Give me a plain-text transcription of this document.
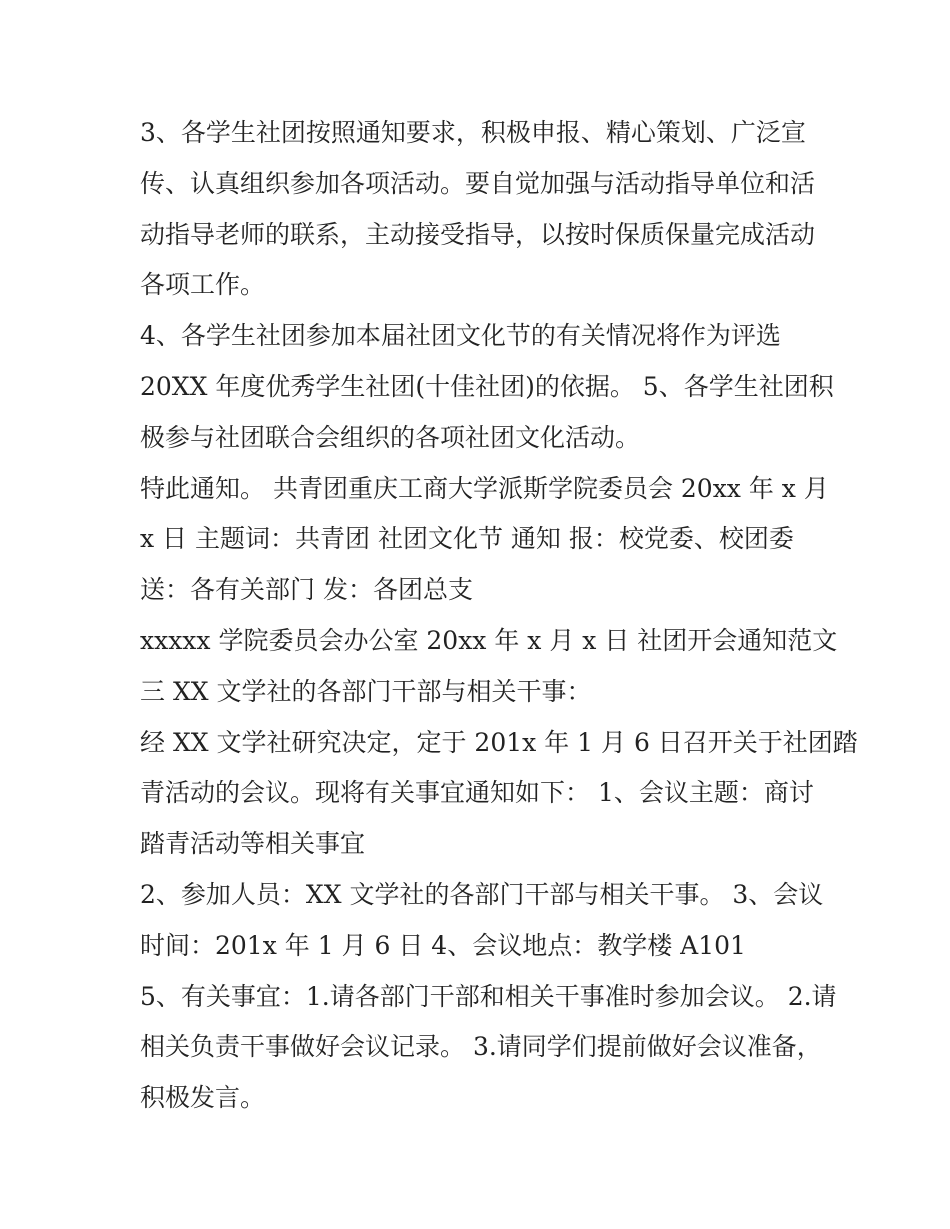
3、各学生社团按照通知要求，积极申报、精心策划、广泛宣
传、认真组织参加各项活动。要自觉加强与活动指导单位和活
动指导老师的联系，主动接受指导，以按时保质保量完成活动
各项工作。
4、各学生社团参加本届社团文化节的有关情况将作为评选
20XX 年度优秀学生社团(十佳社团)的依据。 5、各学生社团积
极参与社团联合会组织的各项社团文化活动。
特此通知。 共青团重庆工商大学派斯学院委员会 20xx 年 x 月
x 日 主题词：共青团 社团文化节 通知 报：校党委、校团委
送：各有关部门 发：各团总支
xxxxx 学院委员会办公室 20xx 年 x 月 x 日 社团开会通知范文
三 XX 文学社的各部门干部与相关干事：
经 XX 文学社研究决定，定于 201x 年 1 月 6 日召开关于社团踏
青活动的会议。现将有关事宜通知如下： 1、会议主题：商讨
踏青活动等相关事宜
2、参加人员：XX 文学社的各部门干部与相关干事。 3、会议
时间：201x 年 1 月 6 日 4、会议地点：教学楼 A101
5、有关事宜：1.请各部门干部和相关干事准时参加会议。 2.请
相关负责干事做好会议记录。 3.请同学们提前做好会议准备，
积极发言。
